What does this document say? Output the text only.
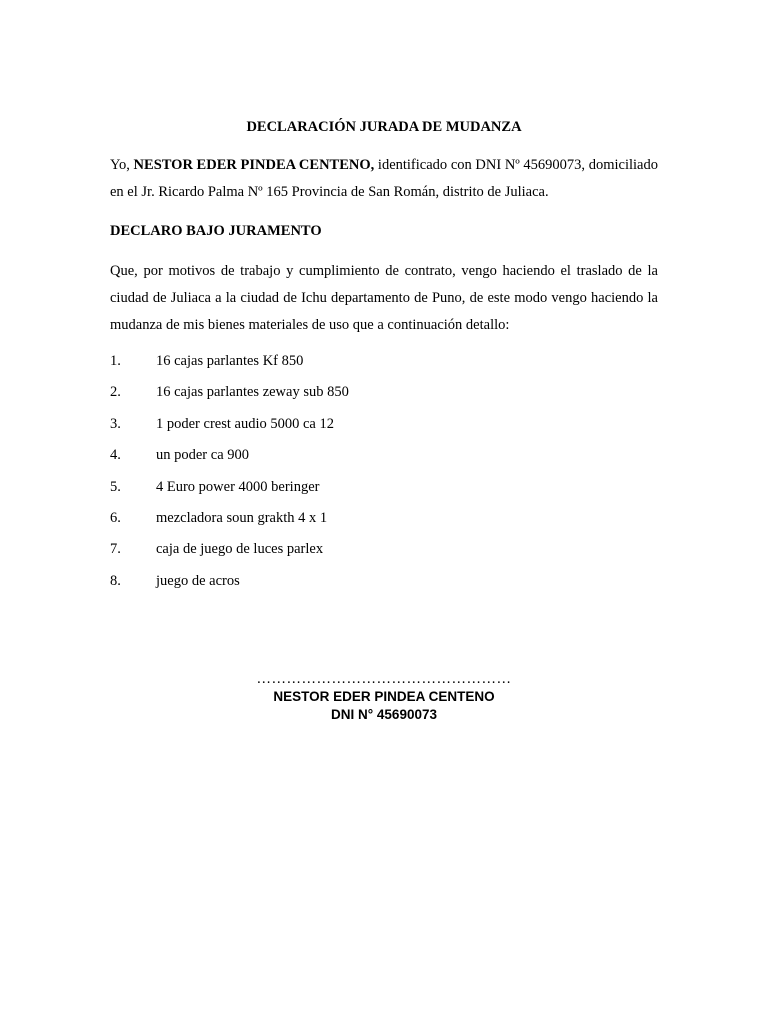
DECLARACIÓN JURADA DE MUDANZA
Yo, NESTOR EDER PINDEA CENTENO, identificado con DNI Nº 45690073, domiciliado en el Jr. Ricardo Palma Nº 165 Provincia de San Román, distrito de Juliaca.
DECLARO BAJO JURAMENTO
Que, por motivos de trabajo y cumplimiento de contrato, vengo haciendo el traslado de la ciudad de Juliaca a la ciudad de Ichu departamento de Puno, de este modo vengo haciendo la mudanza de mis bienes materiales de uso que a continuación detallo:
1.	16 cajas parlantes Kf 850
2.	16 cajas parlantes zeway sub 850
3.	1 poder crest audio 5000 ca 12
4.	un poder ca 900
5.	4 Euro power 4000 beringer
6.	mezcladora soun grakth 4 x 1
7.	caja de juego de luces parlex
8.	juego de acros
……………………………………………
NESTOR EDER PINDEA CENTENO
DNI N° 45690073
